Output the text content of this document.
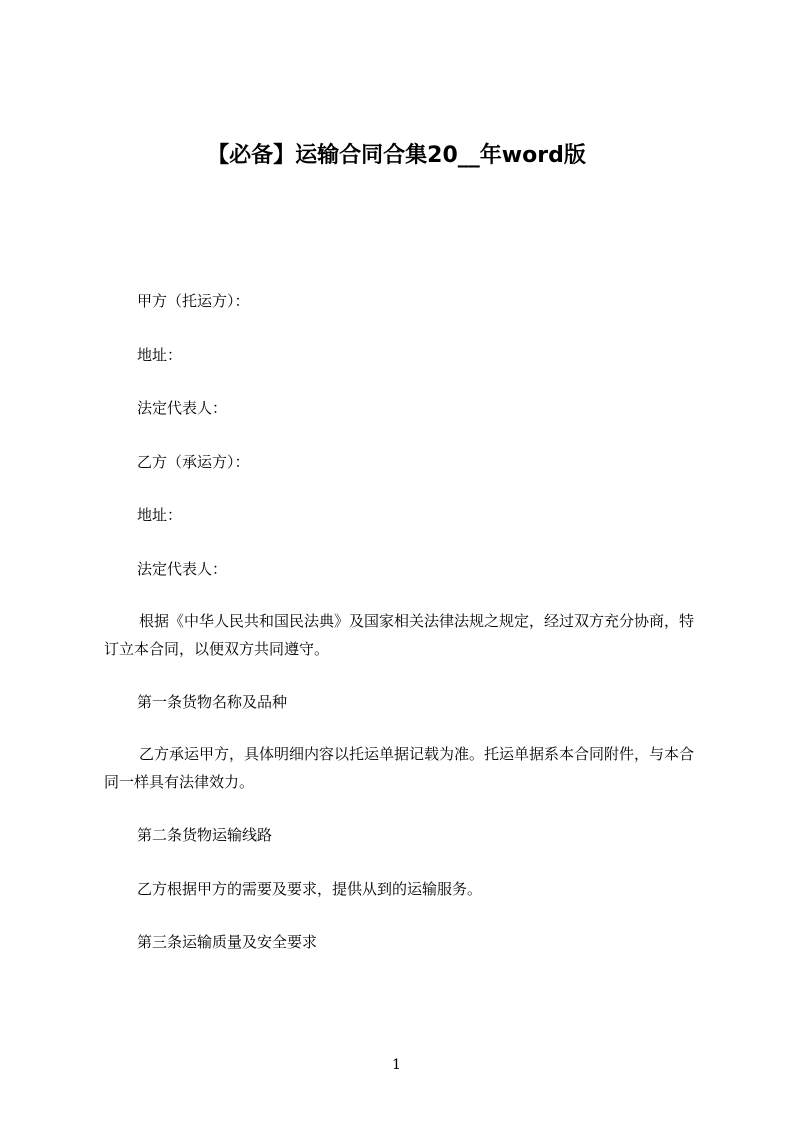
【必备】运输合同合集20__年word版

甲方（托运方）：

地址：

法定代表人：

乙方（承运方）：

地址：

法定代表人：

根据《中华人民共和国民法典》及国家相关法律法规之规定，经过双方充分协商，特订立本合同，以便双方共同遵守。

第一条货物名称及品种

乙方承运甲方，具体明细内容以托运单据记载为准。托运单据系本合同附件，与本合同一样具有法律效力。

第二条货物运输线路

乙方根据甲方的需要及要求，提供从到的运输服务。

第三条运输质量及安全要求

1
